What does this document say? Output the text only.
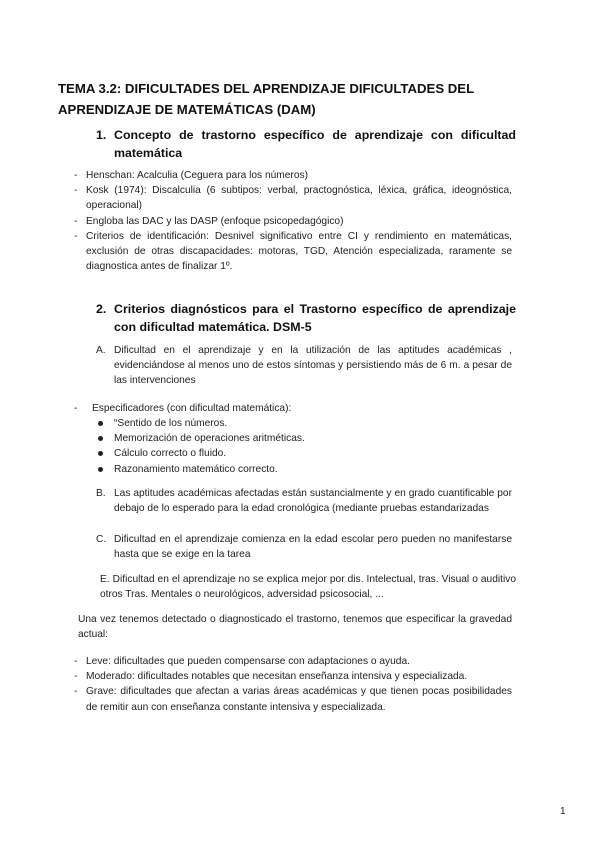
TEMA 3.2: DIFICULTADES DEL APRENDIZAJE DIFICULTADES DEL APRENDIZAJE DE MATEMÁTICAS (DAM)
1. Concepto de trastorno específico de aprendizaje con dificultad matemática
- Henschan: Acalculia (Ceguera para los números)
- Kosk (1974): Discalculia (6 subtipos: verbal, practognóstica, léxica, gráfica, ideognóstica, operacional)
- Engloba las DAC y las DASP (enfoque psicopedagógico)
- Criterios de identificación: Desnivel significativo entre CI y rendimiento en matemáticas, exclusión de otras discapacidades: motoras, TGD, Atención especializada, raramente se diagnostica antes de finalizar 1º.
2. Criterios diagnósticos para el Trastorno específico de aprendizaje con dificultad matemática. DSM-5
A. Dificultad en el aprendizaje y en la utilización de las aptitudes académicas , evidenciándose al menos uno de estos síntomas y persistiendo más de 6 m. a pesar de las intervenciones
- Especificadores (con dificultad matemática):
“Sentido de los números.
Memorización de operaciones aritméticas.
Cálculo correcto o fluido.
Razonamiento matemático correcto.
B. Las aptitudes académicas afectadas están sustancialmente y en grado cuantificable por debajo de lo esperado para la edad cronológica (mediante pruebas estandarizadas
C. Dificultad en el aprendizaje comienza en la edad escolar pero pueden no manifestarse hasta que se exige en la tarea
E. Dificultad en el aprendizaje no se explica mejor por dis. Intelectual, tras. Visual o auditivo otros Tras. Mentales o neurológicos, adversidad psicosocial, ...
Una vez tenemos detectado o diagnosticado el trastorno, tenemos que especificar la gravedad actual:
- Leve: dificultades que pueden compensarse con adaptaciones o ayuda.
- Moderado: dificultades notables que necesitan enseñanza intensiva y especializada.
- Grave: dificultades que afectan a varias áreas académicas y que tienen pocas posibilidades de remitir aun con enseñanza constante intensiva y especializada.
1
